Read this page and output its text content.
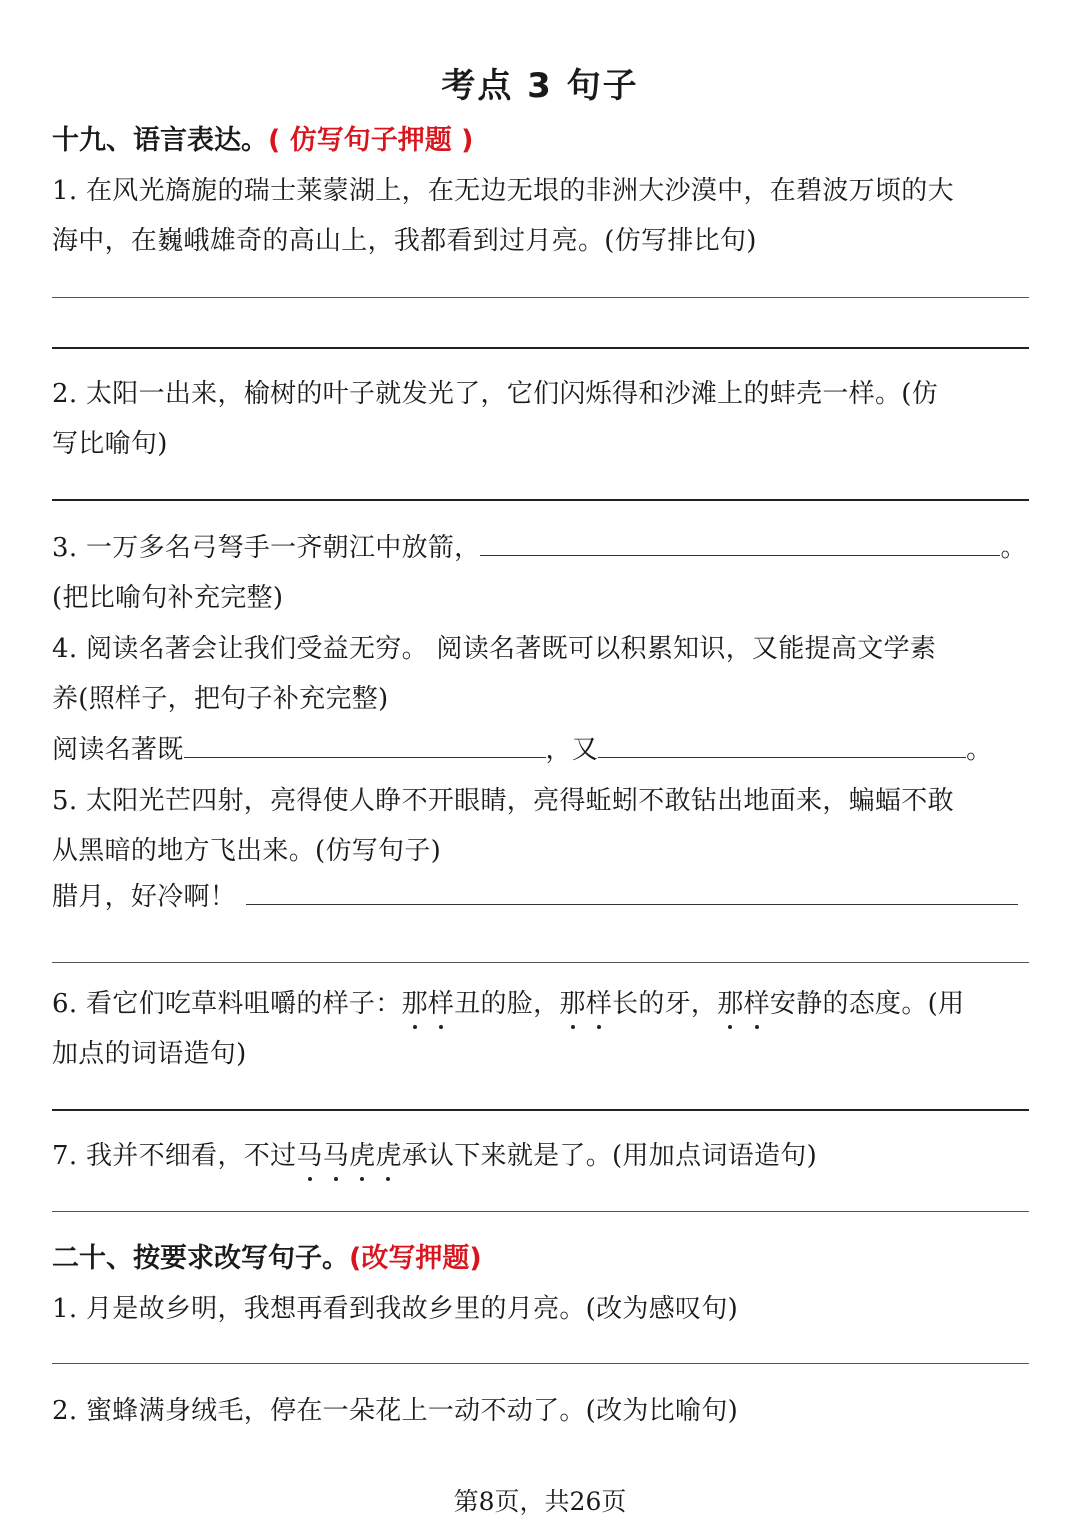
考点 3 句子
十九、语言表达。( 仿写句子押题 )
1. 在风光旖旎的瑞士莱蒙湖上，在无边无垠的非洲大沙漠中，在碧波万顷的大
海中，在巍峨雄奇的高山上，我都看到过月亮。(仿写排比句)
2. 太阳一出来，榆树的叶子就发光了，它们闪烁得和沙滩上的蚌壳一样。(仿
写比喻句)
3. 一万多名弓弩手一齐朝江中放箭，	。
(把比喻句补充完整)
4. 阅读名著会让我们受益无穷。 阅读名著既可以积累知识，又能提高文学素
养(照样子，把句子补充完整)
阅读名著既	，又	。
5. 太阳光芒四射，亮得使人睁不开眼睛，亮得蚯蚓不敢钻出地面来，蝙蝠不敢
从黑暗的地方飞出来。(仿写句子)
腊月，好冷啊！
6. 看它们吃草料咀嚼的样子：那样丑的脸，那样长的牙，那样安静的态度。(用
加点的词语造句)
7. 我并不细看，不过马马虎虎承认下来就是了。(用加点词语造句)
二十、按要求改写句子。(改写押题)
1. 月是故乡明，我想再看到我故乡里的月亮。(改为感叹句)
2. 蜜蜂满身绒毛，停在一朵花上一动不动了。(改为比喻句)
第8页，共26页
